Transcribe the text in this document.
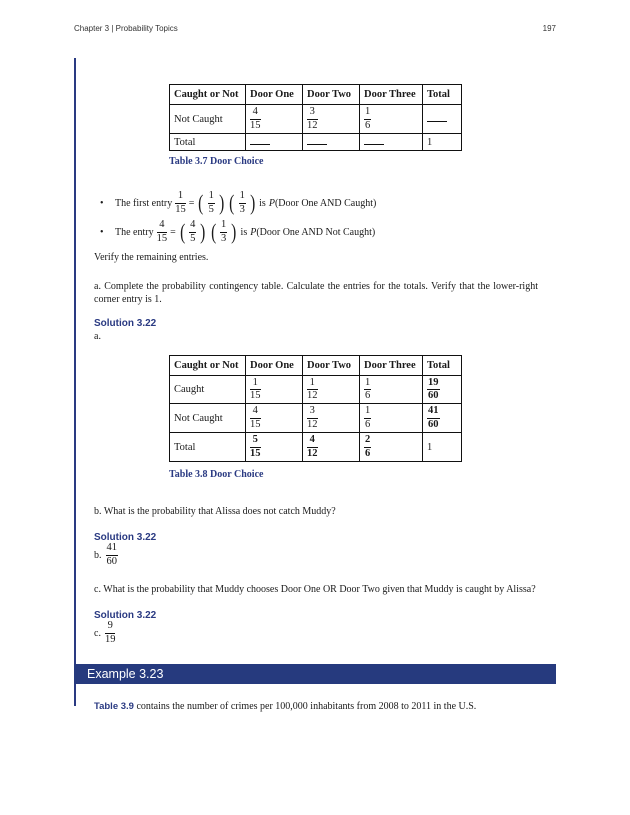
Chapter 3 | Probability Topics	197
Caught or Not	Door One	Door Two	Door Three	Total
Not Caught	$\frac{4}{15}$	$\frac{3}{12}$	$\frac{1}{6}$

Total				1
Table 3.7 Door Choice
• The first entry $\frac{1}{15}$ = ( $\frac{1}{5}$ ) ( $\frac{1}{3}$ ) is P(Door One AND Caught)
• The entry $\frac{4}{15}$ = ( $\frac{4}{5}$ ) ( $\frac{1}{3}$ ) is P(Door One AND Not Caught)
Verify the remaining entries.
a. Complete the probability contingency table. Calculate the entries for the totals. Verify that the lower-right corner entry is 1.
Solution 3.22
a.
Caught or Not	Door One	Door Two	Door Three	Total
Caught	$\frac{1}{15}$	$\frac{1}{12}$	$\frac{1}{6}$	$\frac{19}{60}$

Not Caught	$\frac{4}{15}$	$\frac{3}{12}$	$\frac{1}{6}$	$\frac{41}{60}$

Total	$\frac{5}{15}$	$\frac{4}{12}$	$\frac{2}{6}$	1
Table 3.8 Door Choice
b. What is the probability that Alissa does not catch Muddy?
Solution 3.22
b. $\frac{41}{60}$
c. What is the probability that Muddy chooses Door One OR Door Two given that Muddy is caught by Alissa?
Solution 3.22
c. $\frac{9}{19}$
Example 3.23
Table 3.9 contains the number of crimes per 100,000 inhabitants from 2008 to 2011 in the U.S.
